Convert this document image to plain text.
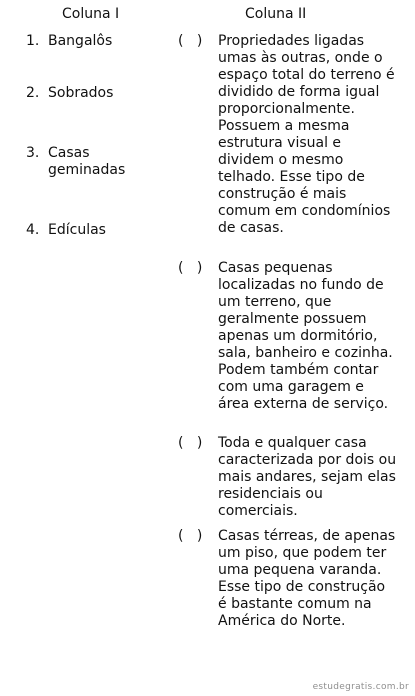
Coluna I	Coluna II
1. Bangalôs
2. Sobrados
3. Casas geminadas
4. Edículas
(   ) Propriedades ligadas umas às outras, onde o espaço total do terreno é dividido de forma igual proporcionalmente. Possuem a mesma estrutura visual e dividem o mesmo telhado. Esse tipo de construção é mais comum em condomínios de casas.
(   ) Casas pequenas localizadas no fundo de um terreno, que geralmente possuem apenas um dormitório, sala, banheiro e cozinha. Podem também contar com uma garagem e área externa de serviço.
(   ) Toda e qualquer casa caracterizada por dois ou mais andares, sejam elas residenciais ou comerciais.
(   ) Casas térreas, de apenas um piso, que podem ter uma pequena varanda. Esse tipo de construção é bastante comum na América do Norte.
estudegratis.com.br
